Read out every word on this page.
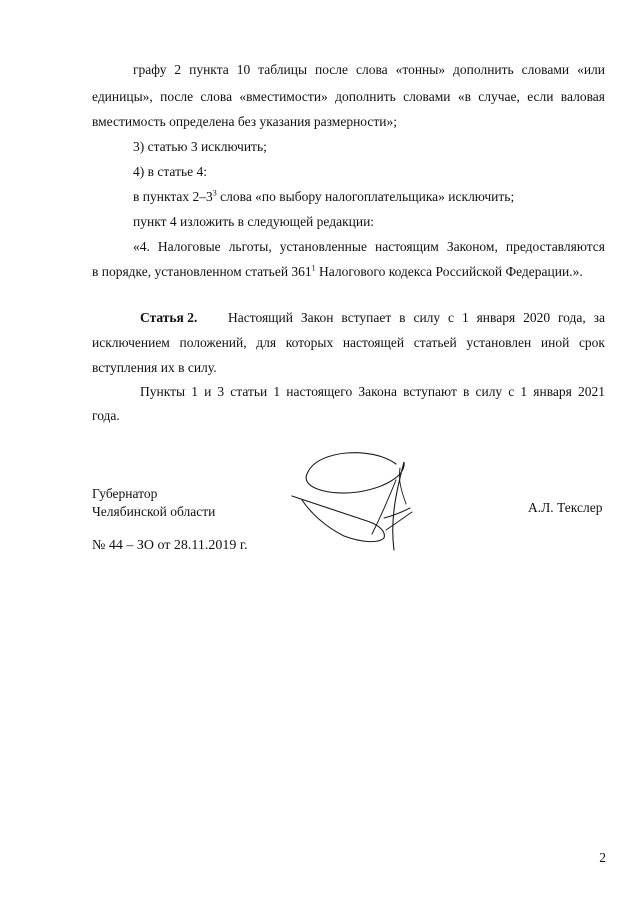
графу 2 пункта 10 таблицы после слова «тонны» дополнить словами «или
единицы», после слова «вместимости» дополнить словами «в случае, если валовая
вместимость определена без указания размерности»;
3) статью 3 исключить;
4) в статье 4:
в пунктах $2-3^3$ слова «по выбору налогоплательщика» исключить;
пункт 4 изложить в следующей редакции:
«4. Налоговые льготы, установленные настоящим Законом, предоставляются
в порядке, установленном статьей $361^1$ Налогового кодекса Российской Федерации.».
Статья 2. Настоящий Закон вступает в силу с 1 января 2020 года, за
исключением положений, для которых настоящей статьей установлен иной срок
вступления их в силу.
Пункты 1 и 3 статьи 1 настоящего Закона вступают в силу с 1 января 2021
года.
Губернатор
Челябинской области	А.Л. Текслер
№ 44 – ЗО от 28.11.2019 г.
2
